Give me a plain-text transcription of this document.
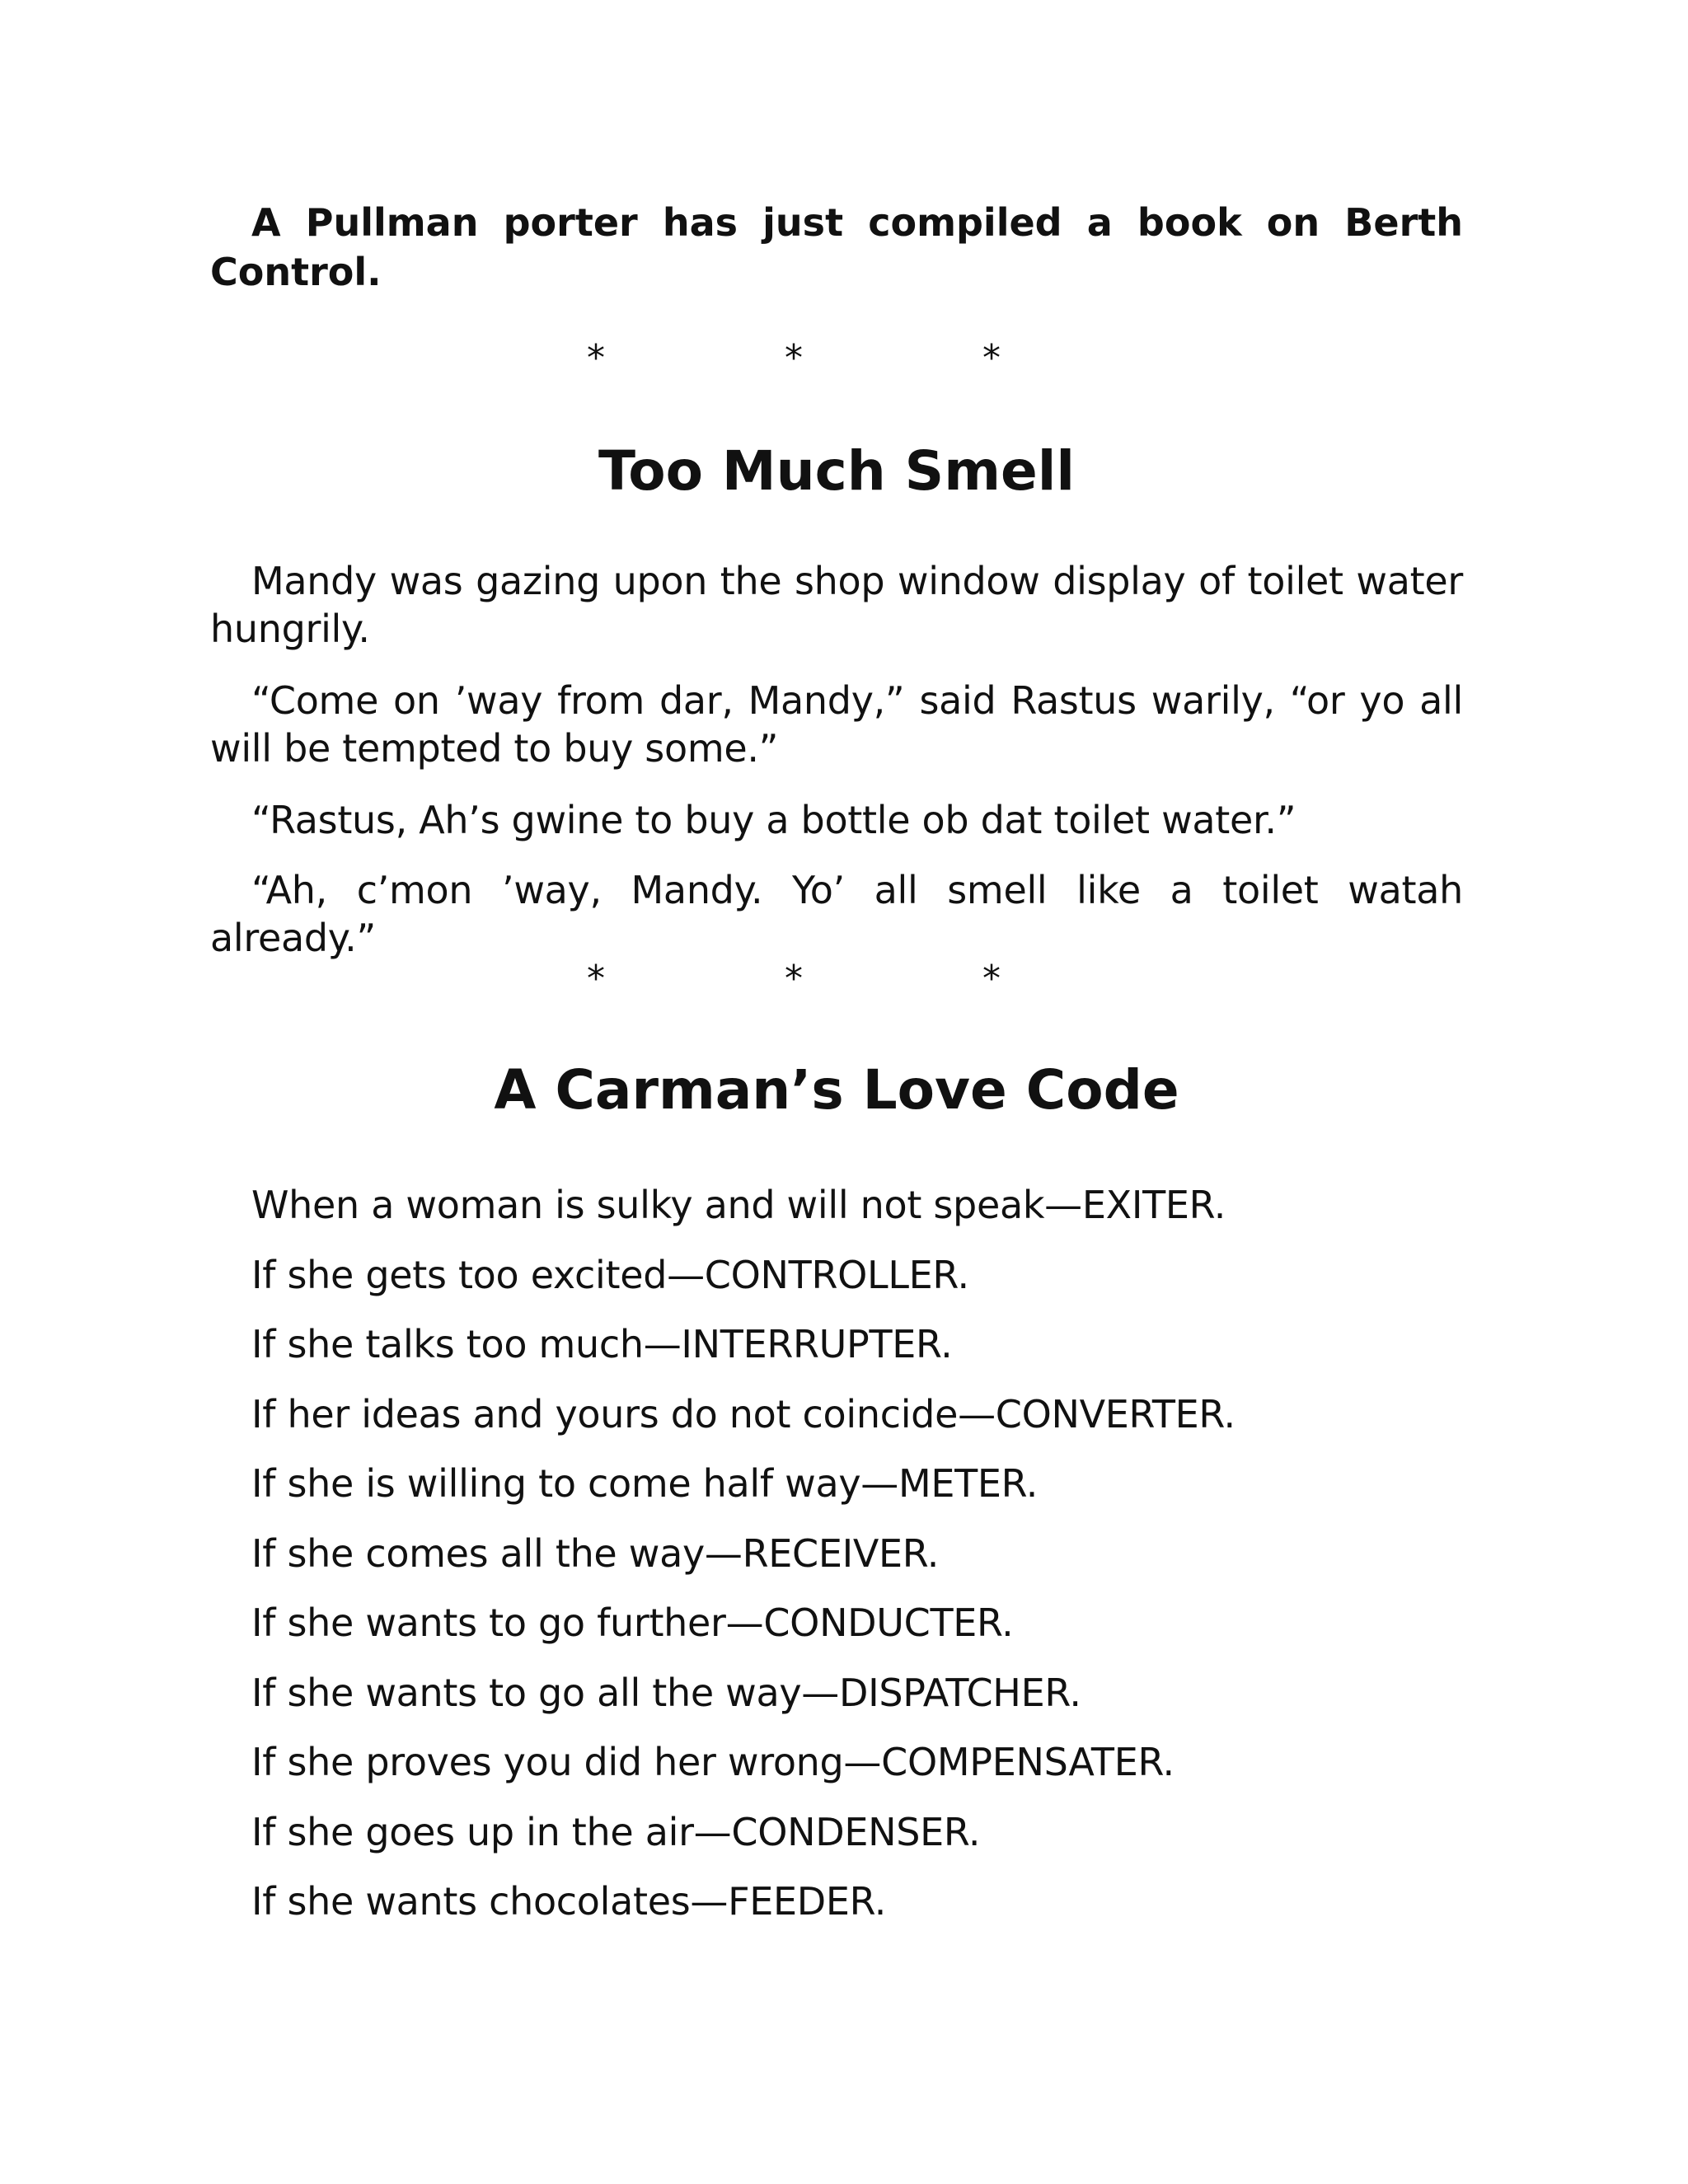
A Pullman porter has just compiled a book on Berth Control.

*	*	*
Too Much Smell

Mandy was gazing upon the shop window display of toilet water hungrily.

“Come on ’way from dar, Mandy,” said Rastus warily, “or yo all will be tempted to buy some.”

“Rastus, Ah’s gwine to buy a bottle ob dat toilet water.”

“Ah, c’mon ’way, Mandy. Yo’ all smell like a toilet watah already.”

*	*	*
A Carman’s Love Code
When a woman is sulky and will not speak—EXITER.
If she gets too excited—CONTROLLER.
If she talks too much—INTERRUPTER.
If her ideas and yours do not coincide—CONVERTER.
If she is willing to come half way—METER.
If she comes all the way—RECEIVER.
If she wants to go further—CONDUCTER.
If she wants to go all the way—DISPATCHER.
If she proves you did her wrong—COMPENSATER.
If she goes up in the air—CONDENSER.
If she wants chocolates—FEEDER.
